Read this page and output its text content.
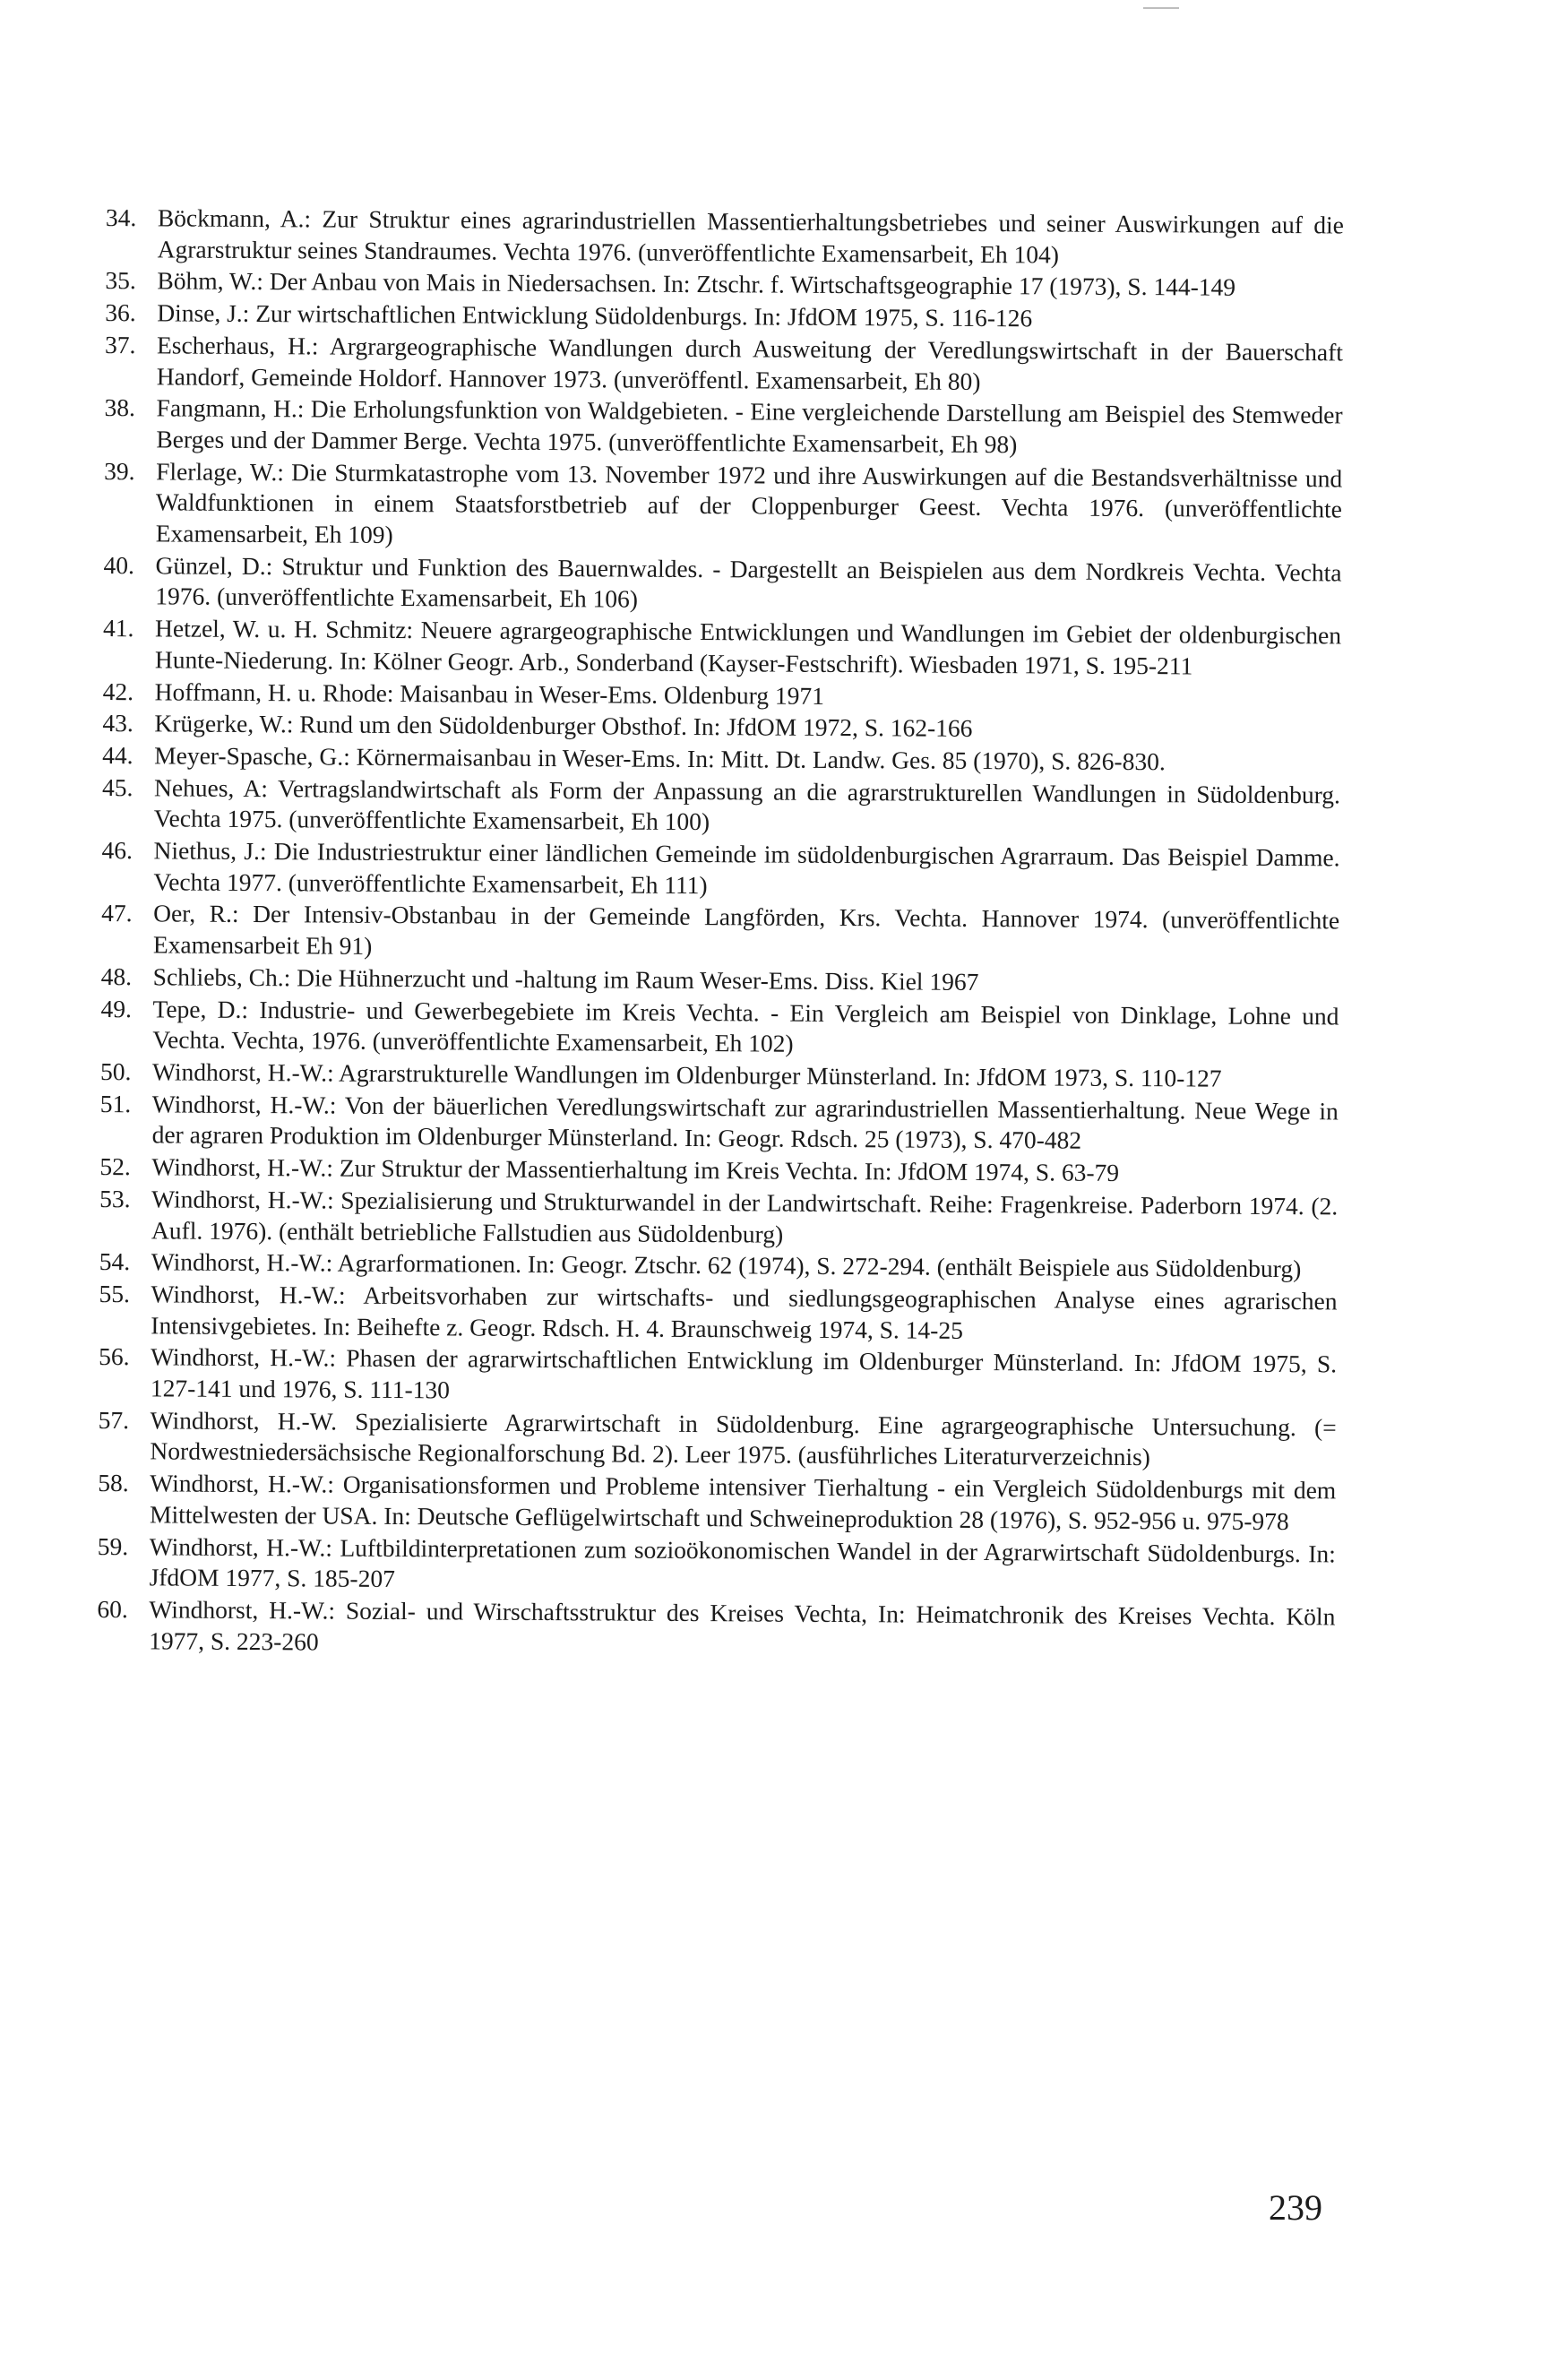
34. Böckmann, A.: Zur Struktur eines agrarindustriellen Massentierhaltungsbetriebes und seiner Auswirkungen auf die Agrarstruktur seines Standraumes. Vechta 1976. (unveröffentlichte Examensarbeit, Eh 104)
35. Böhm, W.: Der Anbau von Mais in Niedersachsen. In: Ztschr. f. Wirtschaftsgeographie 17 (1973), S. 144-149
36. Dinse, J.: Zur wirtschaftlichen Entwicklung Südoldenburgs. In: JfdOM 1975, S. 116-126
37. Escherhaus, H.: Argrargeographische Wandlungen durch Ausweitung der Veredlungswirtschaft in der Bauerschaft Handorf, Gemeinde Holdorf. Hannover 1973. (unveröffentl. Examensarbeit, Eh 80)
38. Fangmann, H.: Die Erholungsfunktion von Waldgebieten. - Eine vergleichende Darstellung am Beispiel des Stemweder Berges und der Dammer Berge. Vechta 1975. (unveröffentlichte Examensarbeit, Eh 98)
39. Flerlage, W.: Die Sturmkatastrophe vom 13. November 1972 und ihre Auswirkungen auf die Bestandsverhältnisse und Waldfunktionen in einem Staatsforstbetrieb auf der Cloppenburger Geest. Vechta 1976. (unveröffentlichte Examensarbeit, Eh 109)
40. Günzel, D.: Struktur und Funktion des Bauernwaldes. - Dargestellt an Beispielen aus dem Nordkreis Vechta. Vechta 1976. (unveröffentlichte Examensarbeit, Eh 106)
41. Hetzel, W. u. H. Schmitz: Neuere agrargeographische Entwicklungen und Wandlungen im Gebiet der oldenburgischen Hunte-Niederung. In: Kölner Geogr. Arb., Sonderband (Kayser-Festschrift). Wiesbaden 1971, S. 195-211
42. Hoffmann, H. u. Rhode: Maisanbau in Weser-Ems. Oldenburg 1971
43. Krügerke, W.: Rund um den Südoldenburger Obsthof. In: JfdOM 1972, S. 162-166
44. Meyer-Spasche, G.: Körnermaisanbau in Weser-Ems. In: Mitt. Dt. Landw. Ges. 85 (1970), S. 826-830.
45. Nehues, A: Vertragslandwirtschaft als Form der Anpassung an die agrarstrukturellen Wandlungen in Südoldenburg. Vechta 1975. (unveröffentlichte Examensarbeit, Eh 100)
46. Niethus, J.: Die Industriestruktur einer ländlichen Gemeinde im südoldenburgischen Agrarraum. Das Beispiel Damme. Vechta 1977. (unveröffentlichte Examensarbeit, Eh 111)
47. Oer, R.: Der Intensiv-Obstanbau in der Gemeinde Langförden, Krs. Vechta. Hannover 1974. (unveröffentlichte Examensarbeit Eh 91)
48. Schliebs, Ch.: Die Hühnerzucht und -haltung im Raum Weser-Ems. Diss. Kiel 1967
49. Tepe, D.: Industrie- und Gewerbegebiete im Kreis Vechta. - Ein Vergleich am Beispiel von Dinklage, Lohne und Vechta. Vechta, 1976. (unveröffentlichte Examensarbeit, Eh 102)
50. Windhorst, H.-W.: Agrarstrukturelle Wandlungen im Oldenburger Münsterland. In: JfdOM 1973, S. 110-127
51. Windhorst, H.-W.: Von der bäuerlichen Veredlungswirtschaft zur agrarindustriellen Massentierhaltung. Neue Wege in der agraren Produktion im Oldenburger Münsterland. In: Geogr. Rdsch. 25 (1973), S. 470-482
52. Windhorst, H.-W.: Zur Struktur der Massentierhaltung im Kreis Vechta. In: JfdOM 1974, S. 63-79
53. Windhorst, H.-W.: Spezialisierung und Strukturwandel in der Landwirtschaft. Reihe: Fragenkreise. Paderborn 1974. (2. Aufl. 1976). (enthält betriebliche Fallstudien aus Südoldenburg)
54. Windhorst, H.-W.: Agrarformationen. In: Geogr. Ztschr. 62 (1974), S. 272-294. (enthält Beispiele aus Südoldenburg)
55. Windhorst, H.-W.: Arbeitsvorhaben zur wirtschafts- und siedlungsgeographischen Analyse eines agrarischen Intensivgebietes. In: Beihefte z. Geogr. Rdsch. H. 4. Braunschweig 1974, S. 14-25
56. Windhorst, H.-W.: Phasen der agrarwirtschaftlichen Entwicklung im Oldenburger Münsterland. In: JfdOM 1975, S. 127-141 und 1976, S. 111-130
57. Windhorst, H.-W. Spezialisierte Agrarwirtschaft in Südoldenburg. Eine agrargeographische Untersuchung. (= Nordwestniedersächsische Regionalforschung Bd. 2). Leer 1975. (ausführliches Literaturverzeichnis)
58. Windhorst, H.-W.: Organisationsformen und Probleme intensiver Tierhaltung - ein Vergleich Südoldenburgs mit dem Mittelwesten der USA. In: Deutsche Geflügelwirtschaft und Schweineproduktion 28 (1976), S. 952-956 u. 975-978
59. Windhorst, H.-W.: Luftbildinterpretationen zum sozioökonomischen Wandel in der Agrarwirtschaft Südoldenburgs. In: JfdOM 1977, S. 185-207
60. Windhorst, H.-W.: Sozial- und Wirschaftsstruktur des Kreises Vechta, In: Heimatchronik des Kreises Vechta. Köln 1977, S. 223-260
239
